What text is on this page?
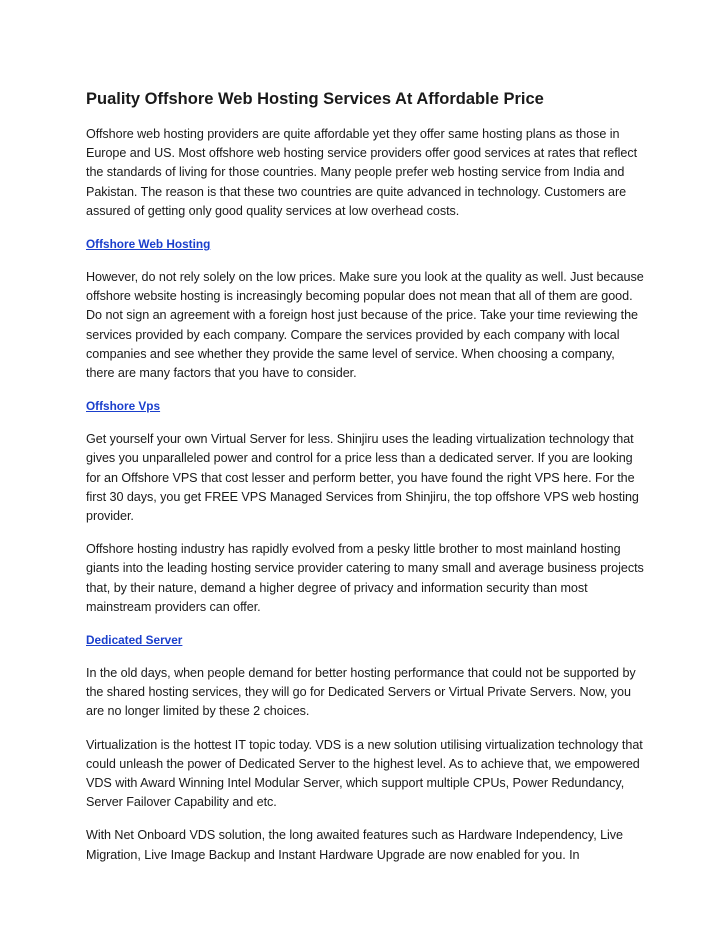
Puality Offshore Web Hosting Services At Affordable Price

Offshore web hosting providers are quite affordable yet they offer same hosting plans as those in Europe and US. Most offshore web hosting service providers offer good services at rates that reflect the standards of living for those countries. Many people prefer web hosting service from India and Pakistan. The reason is that these two countries are quite advanced in technology. Customers are assured of getting only good quality services at low overhead costs.

Offshore Web Hosting

However, do not rely solely on the low prices. Make sure you look at the quality as well. Just because offshore website hosting is increasingly becoming popular does not mean that all of them are good. Do not sign an agreement with a foreign host just because of the price. Take your time reviewing the services provided by each company. Compare the services provided by each company with local companies and see whether they provide the same level of service. When choosing a company, there are many factors that you have to consider.

Offshore Vps

Get yourself your own Virtual Server for less. Shinjiru uses the leading virtualization technology that gives you unparalleled power and control for a price less than a dedicated server. If you are looking for an Offshore VPS that cost lesser and perform better, you have found the right VPS here. For the first 30 days, you get FREE VPS Managed Services from Shinjiru, the top offshore VPS web hosting provider.

Offshore hosting industry has rapidly evolved from a pesky little brother to most mainland hosting giants into the leading hosting service provider catering to many small and average business projects that, by their nature, demand a higher degree of privacy and information security than most mainstream providers can offer.

Dedicated Server

In the old days, when people demand for better hosting performance that could not be supported by the shared hosting services, they will go for Dedicated Servers or Virtual Private Servers. Now, you are no longer limited by these 2 choices.

Virtualization is the hottest IT topic today. VDS is a new solution utilising virtualization technology that could unleash the power of Dedicated Server to the highest level. As to achieve that, we empowered VDS with Award Winning Intel Modular Server, which support multiple CPUs, Power Redundancy, Server Failover Capability and etc.

With Net Onboard VDS solution, the long awaited features such as Hardware Independency, Live Migration, Live Image Backup and Instant Hardware Upgrade are now enabled for you. In
